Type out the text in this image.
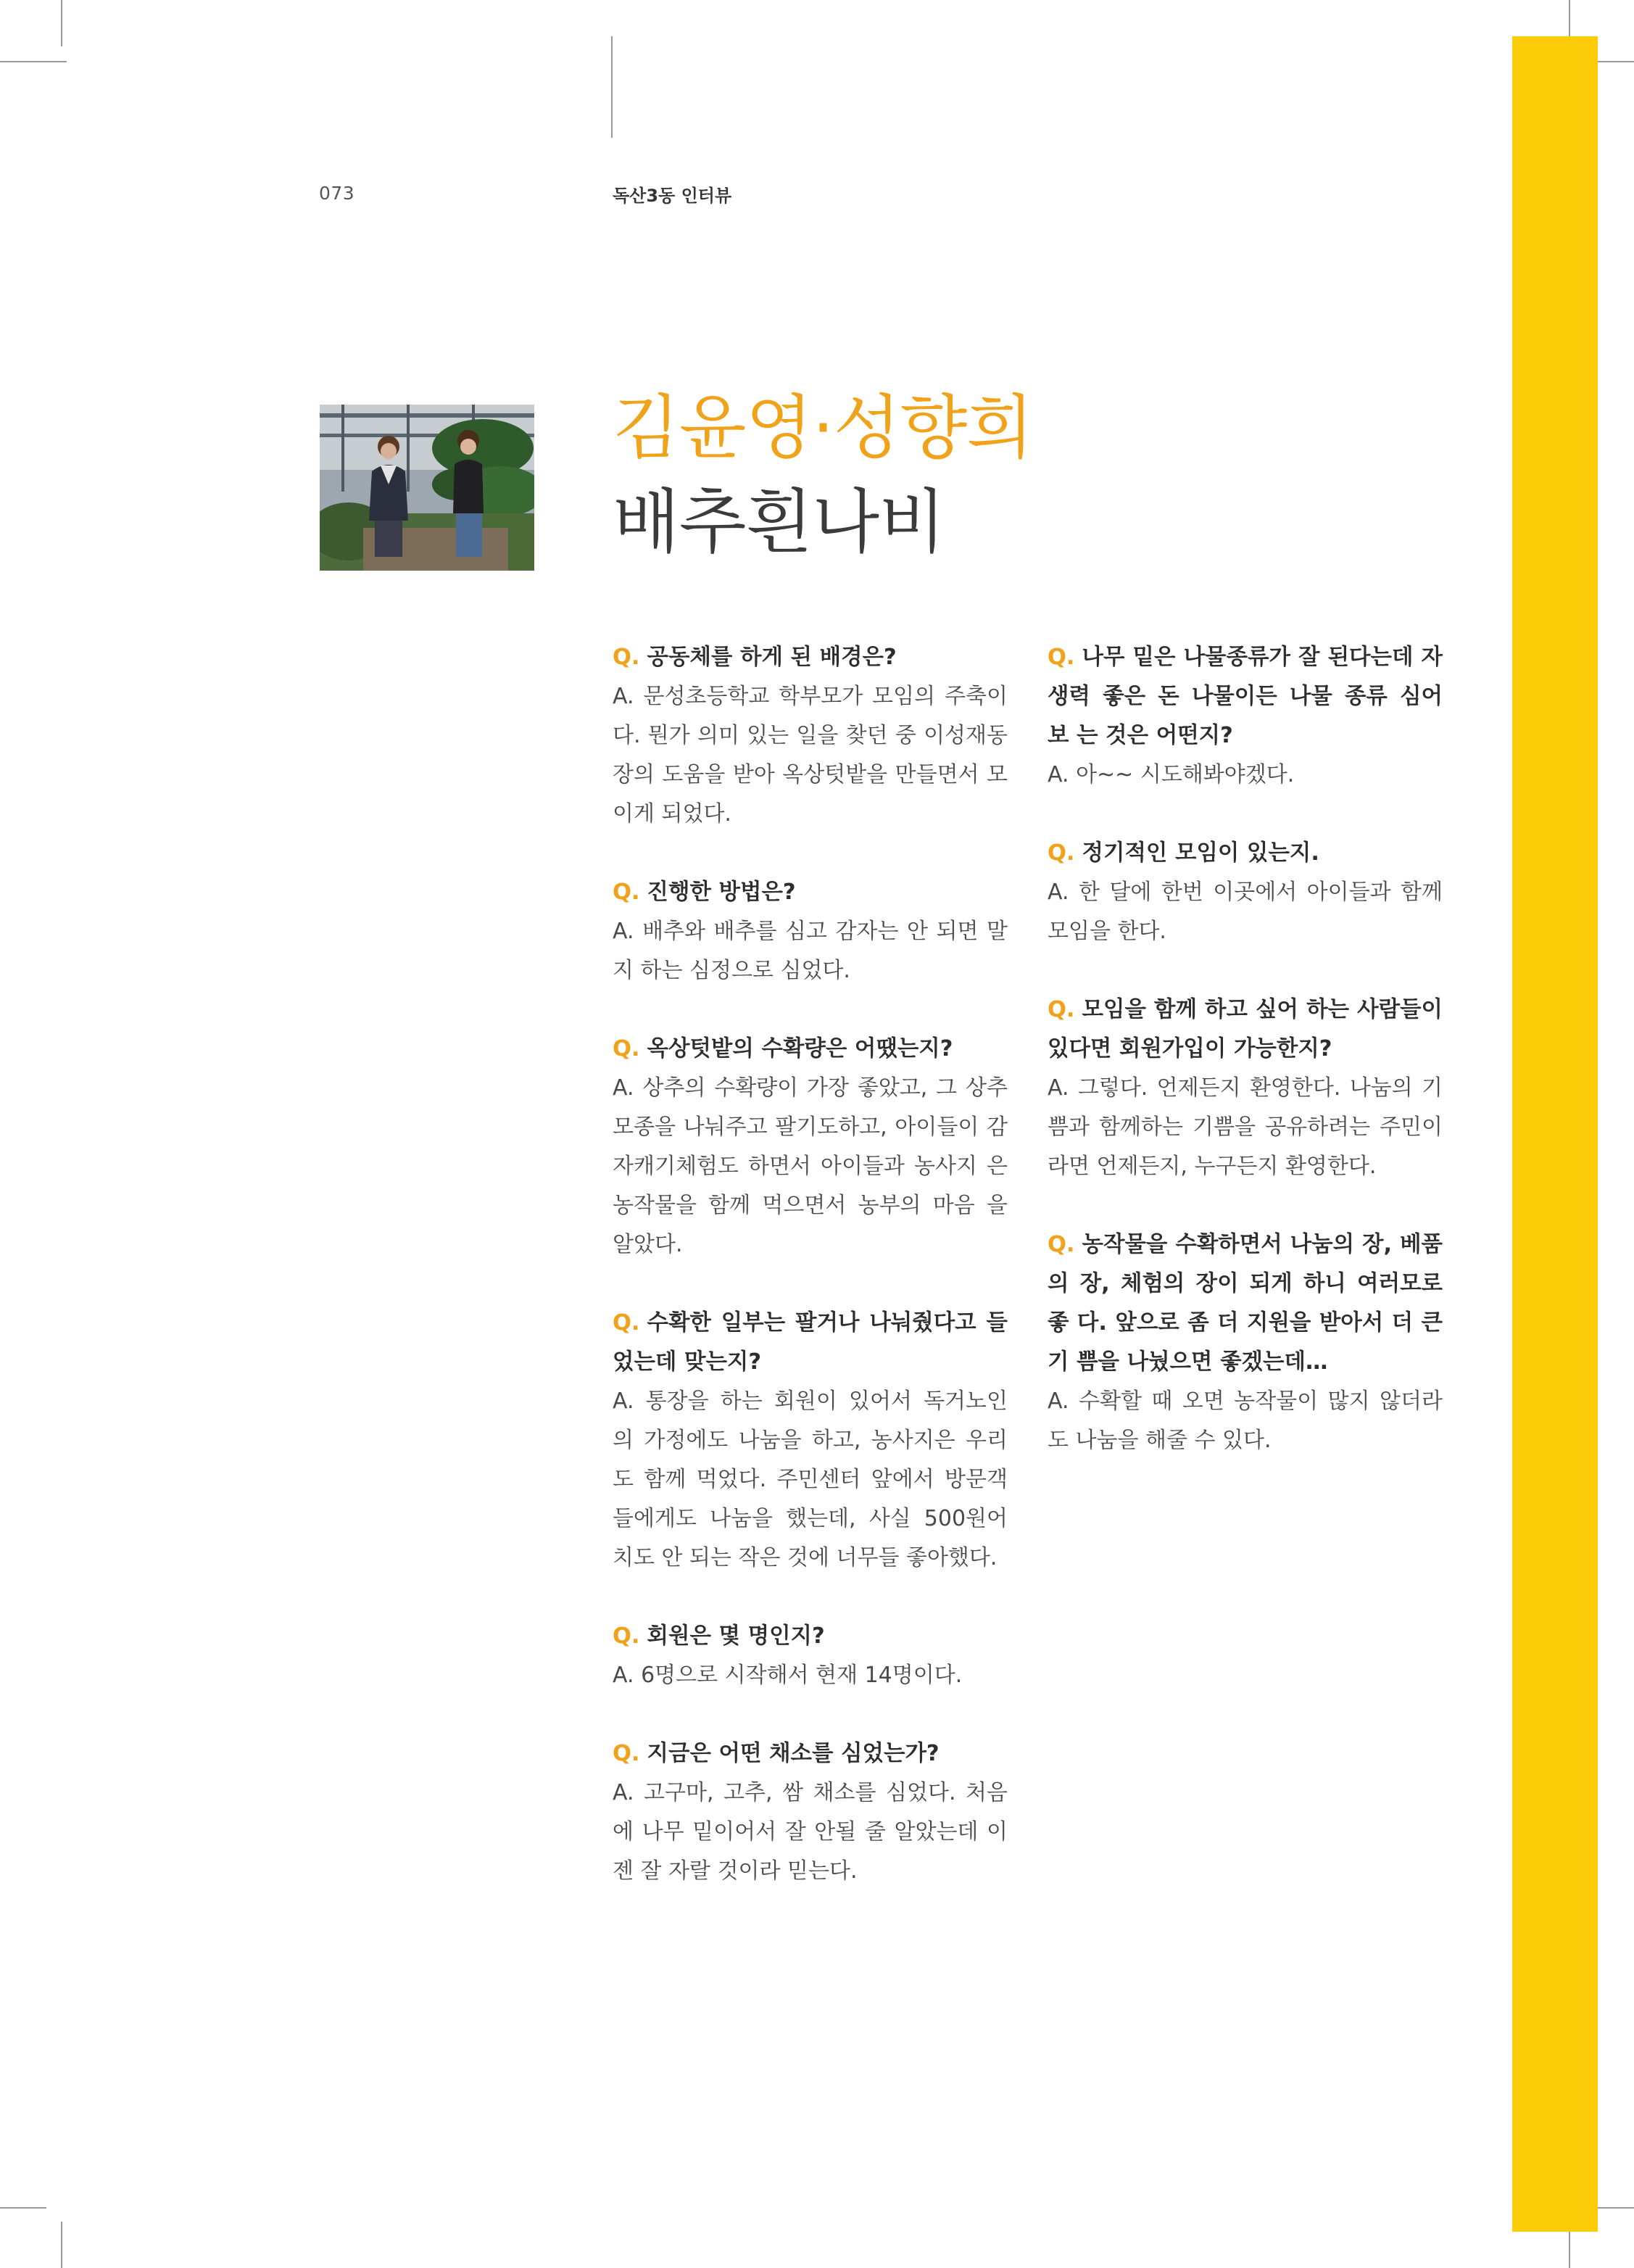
073	독산3동 인터뷰
김윤영·성향희
배추흰나비
Q. 공동체를 하게 된 배경은?
A. 문성초등학교 학부모가 모임의 주축이 다. 뭔가 의미 있는 일을 찾던 중 이성재동 장의 도움을 받아 옥상텃밭을 만들면서 모 이게 되었다.
Q. 진행한 방법은?
A. 배추와 배추를 심고 감자는 안 되면 말 지 하는 심정으로 심었다.
Q. 옥상텃밭의 수확량은 어땠는지?
A. 상추의 수확량이 가장 좋았고, 그 상추 모종을 나눠주고 팔기도하고, 아이들이 감자캐기체험도 하면서 아이들과 농사지 은 농작물을 함께 먹으면서 농부의 마음 을 알았다.
Q. 수확한 일부는 팔거나 나눠줬다고 들었는데 맞는지?
A. 통장을 하는 회원이 있어서 독거노인 의 가정에도 나눔을 하고, 농사지은 우리 도 함께 먹었다. 주민센터 앞에서 방문객 들에게도 나눔을 했는데, 사실 500원어 치도 안 되는 작은 것에 너무들 좋아했다.
Q. 회원은 몇 명인지?
A. 6명으로 시작해서 현재 14명이다.
Q. 지금은 어떤 채소를 심었는가?
A. 고구마, 고추, 쌈 채소를 심었다. 처음에 나무 밑이어서 잘 안될 줄 알았는데 이젠 잘 자랄 것이라 믿는다.
Q. 나무 밑은 나물종류가 잘 된다는데 자 생력 좋은 돈 나물이든 나물 종류 심어 보 는 것은 어떤지?
A. 아~~ 시도해봐야겠다.
Q. 정기적인 모임이 있는지.
A. 한 달에 한번 이곳에서 아이들과 함께 모임을 한다.
Q. 모임을 함께 하고 싶어 하는 사람들이 있다면 회원가입이 가능한지?
A. 그렇다. 언제든지 환영한다. 나눔의 기 쁨과 함께하는 기쁨을 공유하려는 주민이 라면 언제든지, 누구든지 환영한다.
Q. 농작물을 수확하면서 나눔의 장, 베품 의 장, 체험의 장이 되게 하니 여러모로 좋 다. 앞으로 좀 더 지원을 받아서 더 큰 기 쁨을 나눴으면 좋겠는데…
A. 수확할 때 오면 농작물이 많지 않더라 도 나눔을 해줄 수 있다.
